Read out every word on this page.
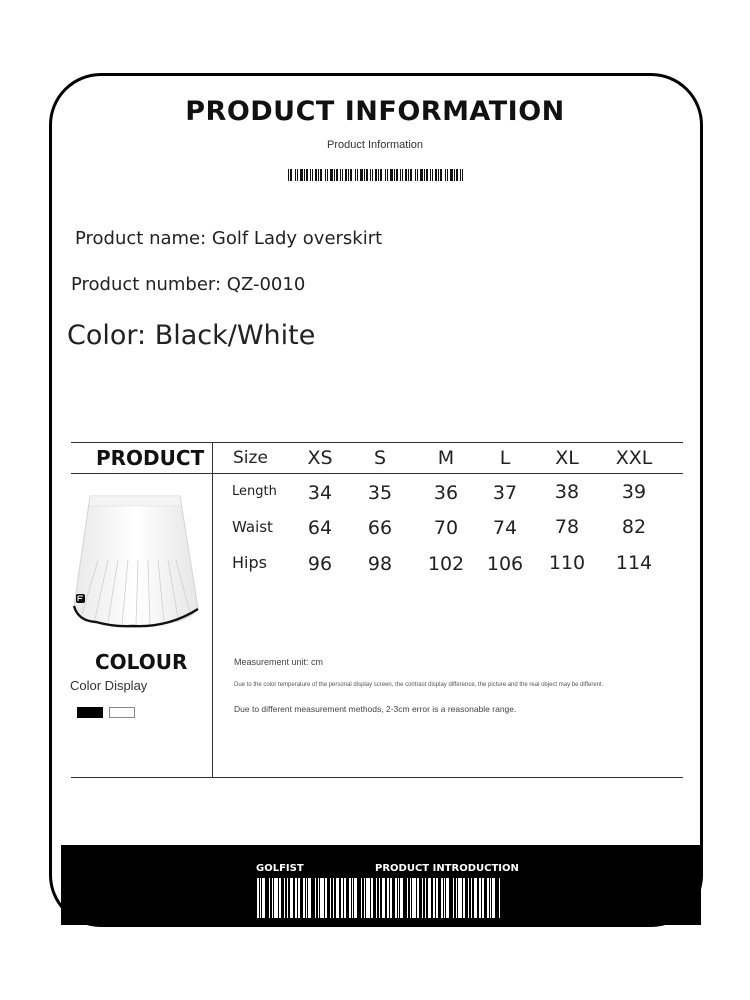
PRODUCT INFORMATION
Product Information
Product name: Golf Lady overskirt
Product number: QZ-0010
Color: Black/White
PRODUCT
COLOUR
Color Display
Size	XS	S	M	L	XL	XXL
Length	34	35	36	37	38	39
Waist	64	66	70	74	78	82
Hips	96	98	102	106	110	114
Measurement unit: cm
Due to the color temperature of the personal display screen, the contrast display difference, the picture and the real object may be different.
Due to different measurement methods, 2-3cm error is a reasonable range.
GOLFIST	PRODUCT INTRODUCTION
